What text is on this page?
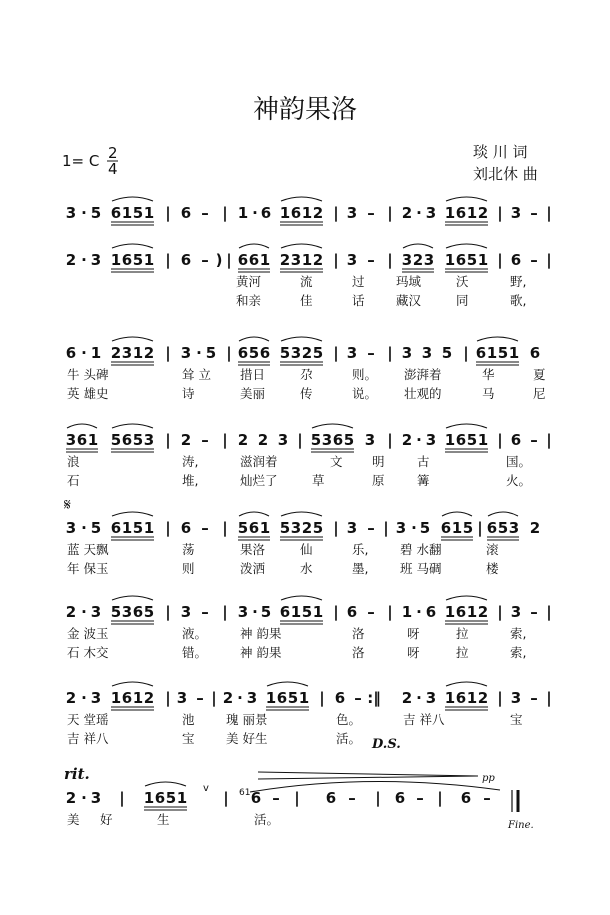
神韵果洛
1= C 2
4
琰 川 词
刘北休 曲
3 · 5 6 1 5 1 | 6 – | 1 · 6 1 6 1 2 | 3 – | 2 · 3 1 6 1 2 | 3 – |
2 · 3 1 6 5 1 | 6 – ) | 6 6 1 2 3 1 2 | 3 – | 3 2 3 1 6 5 1 | 6 – |
黄河	流	过	玛域	沃	野,
和亲	佳	话	藏汉	同	歌,
6 · 1 2 3 1 2 | 3 · 5 | 6 5 6 5 3 2 5 | 3 – | 3 3 5 | 6 1 5 1 6
牛 头碑	耸 立 措日	尕	则。 澎湃着	华	夏
英 雄史	诗	美丽	传	说。 壮观的	马	尼
3 6 1 5 6 5 3 | 2 – | 2 2 3 | 5 3 6 5 3 | 2 · 3 1 6 5 1 | 6 – |
浪	涛,	滋润着	文 明	古	国。
石	堆,	灿烂了	草	原	篝	火。
3 · 5 6 1 5 1 | 6 – | 5 6 1 5 3 2 5 | 3 – | 3 · 5 6 1 5 | 6 5 3 2
蓝 天飘	荡	果洛	仙	乐,	碧 水翻	滚
年 保玉	则	泼洒	水	墨,	班 马碉	楼
2 · 3 5 3 6 5 | 3 – | 3 · 5 6 1 5 1 | 6 – | 1 · 6 1 6 1 2 | 3 – |
金 波玉	液。	神 韵果	洛	呀	拉	索,
石 木交	错。	神 韵果	洛	呀	拉	索,
2 · 3 1 6 1 2 | 3 – | 2 · 3 1 6 5 1 | 6 – :‖ 2 · 3 1 6 1 2 | 3 – |
天 堂瑶	池	瑰 丽景	色。	吉 祥八	宝
吉 祥八	宝	美 好生	活。
2 · 3 | 1 6 5 1 | 6 – | 6 – | 6 – | 6 –
美 好	生	活。
𝄋
D.S.
rit.	pp
Fine.
v	61
